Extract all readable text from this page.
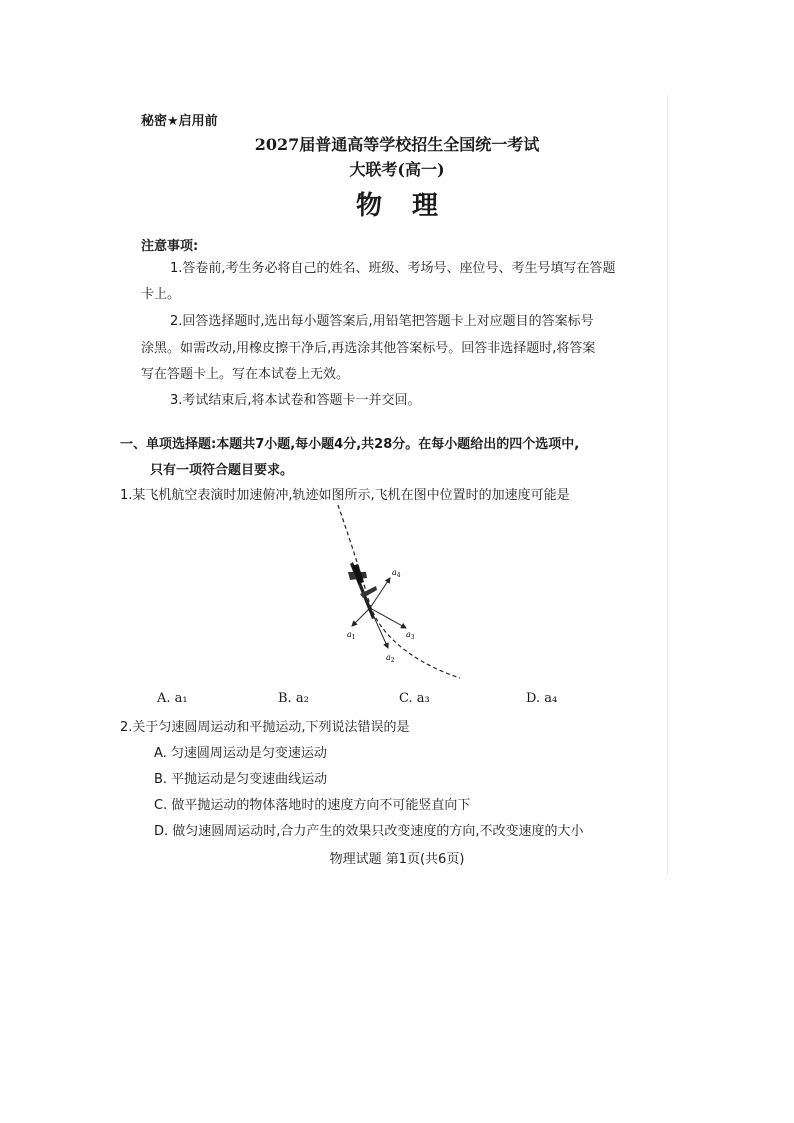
秘密★启用前
2027届普通高等学校招生全国统一考试
大联考(高一)
物理
注意事项:
1.答卷前,考生务必将自己的姓名、班级、考场号、座位号、考生号填写在答题
卡上。
2.回答选择题时,选出每小题答案后,用铅笔把答题卡上对应题目的答案标号
涂黑。如需改动,用橡皮擦干净后,再选涂其他答案标号。回答非选择题时,将答案
写在答题卡上。写在本试卷上无效。
3.考试结束后,将本试卷和答题卡一并交回。
一、单项选择题:本题共7小题,每小题4分,共28分。在每小题给出的四个选项中,
只有一项符合题目要求。
1.某飞机航空表演时加速俯冲,轨迹如图所示,飞机在图中位置时的加速度可能是
$a_1$
$a_2$
$a_3$
$a_4$
A. a₁	B. a₂	C. a₃	D. a₄
2.关于匀速圆周运动和平抛运动,下列说法错误的是
A. 匀速圆周运动是匀变速运动
B. 平抛运动是匀变速曲线运动
C. 做平抛运动的物体落地时的速度方向不可能竖直向下
D. 做匀速圆周运动时,合力产生的效果只改变速度的方向,不改变速度的大小
物理试题 第1页(共6页)
